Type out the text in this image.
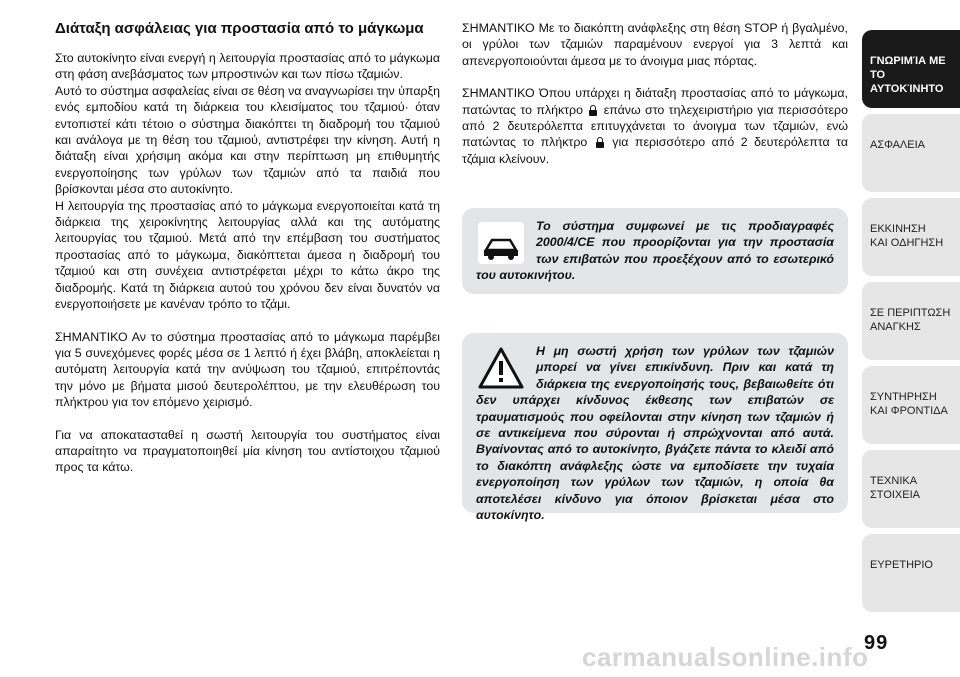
Διάταξη ασφάλειας για προστασία από το μάγκωμα

Στο αυτοκίνητο είναι ενεργή η λειτουργία προστασίας από το μάγκωμα στη φάση ανεβάσματος των μπροστινών και των πίσω τζαμιών.

Αυτό το σύστημα ασφαλείας είναι σε θέση να αναγνωρίσει την ύπαρξη ενός εμποδίου κατά τη διάρκεια του κλεισίματος του τζαμιού· όταν εντοπιστεί κάτι τέτοιο ο σύστημα διακόπτει τη διαδρομή του τζαμιού και ανάλογα με τη θέση του τζαμιού, αντιστρέφει την κίνηση. Αυτή η διάταξη είναι χρήσιμη ακόμα και στην περίπτωση μη επιθυμητής ενεργοποίησης των γρύλων των τζαμιών από τα παιδιά που βρίσκονται μέσα στο αυτοκίνητο.

Η λειτουργία της προστασίας από το μάγκωμα ενεργοποιείται κατά τη διάρκεια της χειροκίνητης λειτουργίας αλλά και της αυτόματης λειτουργίας του τζαμιού. Μετά από την επέμβαση του συστήματος προστασίας από το μάγκωμα, διακόπτεται άμεσα η διαδρομή του τζαμιού και στη συνέχεια αντιστρέφεται μέχρι το κάτω άκρο της διαδρομής. Κατά τη διάρκεια αυτού του χρόνου δεν είναι δυνατόν να ενεργοποιήσετε με κανέναν τρόπο το τζάμι.

ΣΗΜΑΝΤΙΚΟ Αν το σύστημα προστασίας από το μάγκωμα παρέμβει για 5 συνεχόμενες φορές μέσα σε 1 λεπτό ή έχει βλάβη, αποκλείεται η αυτόματη λειτουργία κατά την ανύψωση του τζαμιού, επιτρέποντάς την μόνο με βήματα μισού δευτερολέπτου, με την ελευθέρωση του πλήκτρου για τον επόμενο χειρισμό.

Για να αποκατασταθεί η σωστή λειτουργία του συστήματος είναι απαραίτητο να πραγματοποιηθεί μία κίνηση του αντίστοιχου τζαμιού προς τα κάτω.

ΣΗΜΑΝΤΙΚΟ Με το διακόπτη ανάφλεξης στη θέση STOP ή βγαλμένο, οι γρύλοι των τζαμιών παραμένουν ενεργοί για 3 λεπτά και απενεργοποιούνται άμεσα με το άνοιγμα μιας πόρτας.

ΣΗΜΑΝΤΙΚΟ Όπου υπάρχει η διάταξη προστασίας από το μάγκωμα, πατώντας το πλήκτρο επάνω στο τηλεχειριστήριο για περισσότερο από 2 δευτερόλεπτα επιτυγχάνεται το άνοιγμα των τζαμιών, ενώ πατώντας το πλήκτρο για περισσότερο από 2 δευτερόλεπτα τα τζάμια κλείνουν.

Το σύστημα συμφωνεί με τις προδιαγραφές 2000/4/CE που προορίζονται για την προστασία των επιβατών που προεξέχουν από το εσωτερικό του αυτοκινήτου.
Η μη σωστή χρήση των γρύλων των τζαμιών μπορεί να γίνει επικίνδυνη. Πριν και κατά τη διάρκεια της ενεργοποίησής τους, βεβαιωθείτε ότι δεν υπάρχει κίνδυνος έκθεσης των επιβατών σε τραυματισμούς που οφείλονται στην κίνηση των τζαμιών ή σε αντικείμενα που σύρονται ή σπρώχνονται από αυτά. Βγαίνοντας από το αυτοκίνητο, βγάζετε πάντα το κλειδί από το διακόπτη ανάφλεξης ώστε να εμποδίσετε την τυχαία ενεργοποίηση των γρύλων των τζαμιών, η οποία θα αποτελέσει κίνδυνο για όποιον βρίσκεται μέσα στο αυτοκίνητο.
ΓΝΩΡΙΜΊΑ ΜΕ ΤΟ
ΑΥΤΟΚΊΝΗΤΟ
ΑΣΦΑΛΕΙΑ
ΕΚΚΙΝΗΣΗ
ΚΑΙ ΟΔΗΓΗΣΗ
ΣΕ ΠΕΡΙΠΤΩΣΗ
ΑΝΑΓΚΗΣ
ΣΥΝΤΗΡΗΣΗ
ΚΑΙ ΦΡΟΝΤΙΔΑ
ΤΕΧΝΙΚΑ
ΣΤΟΙΧΕΙΑ
ΕΥΡΕΤΗΡΙΟ
99
carmanualsonline.info
